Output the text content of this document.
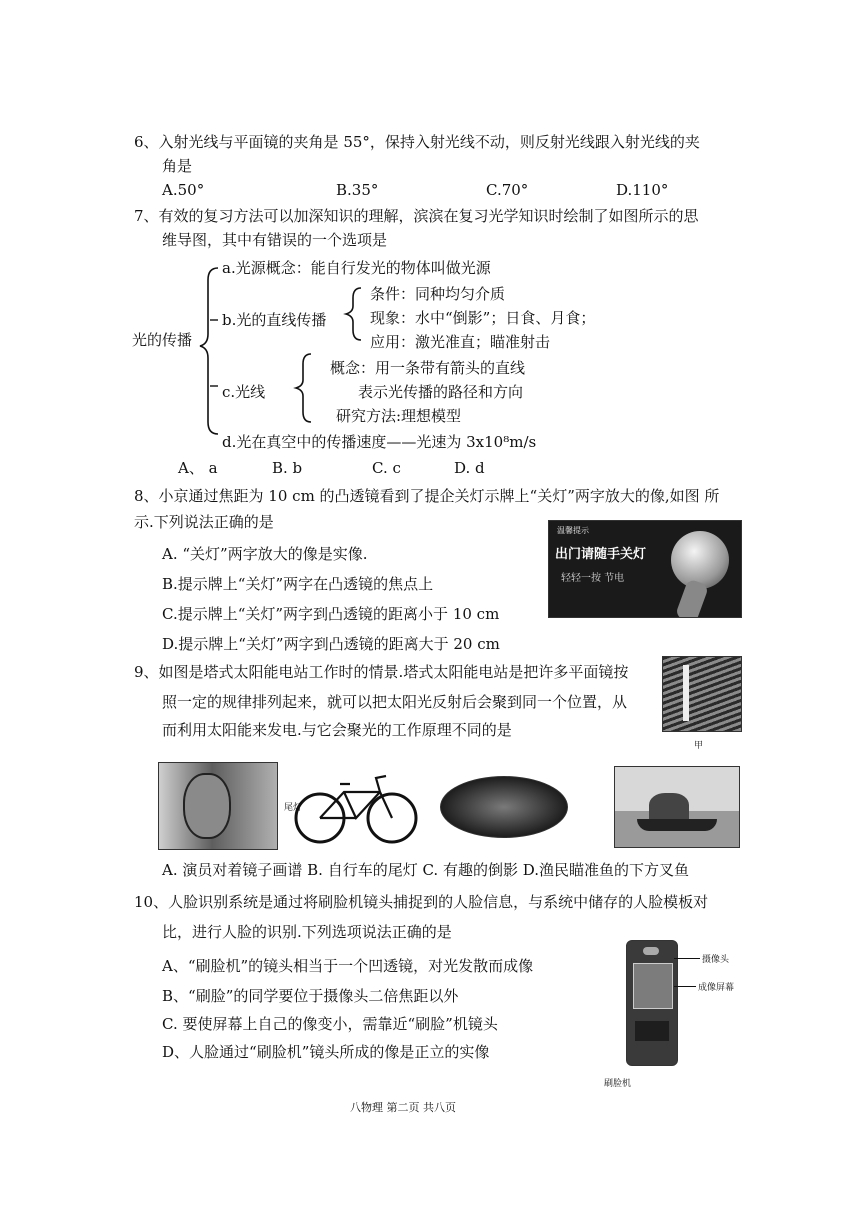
6、入射光线与平面镜的夹角是 55°，保持入射光线不动，则反射光线跟入射光线的夹
角是
A.50°	B.35°	C.70°	D.110°
7、有效的复习方法可以加深知识的理解，滨滨在复习光学知识时绘制了如图所示的思
维导图，其中有错误的一个选项是
光的传播
a.光源概念：能自行发光的物体叫做光源
b.光的直线传播
条件：同种均匀介质
现象：水中“倒影”；日食、月食；
应用：激光准直；瞄准射击
c.光线
概念：用一条带有箭头的直线
表示光传播的路径和方向
研究方法:理想模型
d.光在真空中的传播速度——光速为 3x10⁸m/s
A、 a	B. b	C. c	D. d
8、小京通过焦距为 10 cm 的凸透镜看到了提企关灯示牌上“关灯”两字放大的像,如图 所
示.下列说法正确的是
A. “关灯”两字放大的像是实像.
B.提示牌上“关灯”两字在凸透镜的焦点上
C.提示牌上“关灯”两字到凸透镜的距离小于 10 cm
D.提示牌上“关灯”两字到凸透镜的距离大于 20 cm
温馨提示
出门请随手关灯
轻轻一按 节电
9、如图是塔式太阳能电站工作时的情景.塔式太阳能电站是把许多平面镜按
照一定的规律排列起来，就可以把太阳光反射后会聚到同一个位置，从
而利用太阳能来发电.与它会聚光的工作原理不同的是
甲
尾灯
A. 演员对着镜子画谱 B. 自行车的尾灯 C. 有趣的倒影 D.渔民瞄准鱼的下方叉鱼
10、人脸识别系统是通过将刷脸机镜头捕捉到的人脸信息，与系统中储存的人脸模板对
比，进行人脸的识别.下列选项说法正确的是
A、“刷脸机”的镜头相当于一个凹透镜，对光发散而成像
B、“刷脸”的同学要位于摄像头二倍焦距以外
C. 要使屏幕上自己的像变小，需靠近“刷脸”机镜头
D、人脸通过“刷脸机”镜头所成的像是正立的实像
摄像头
成像屏幕
刷脸机
八物理 第二页 共八页
